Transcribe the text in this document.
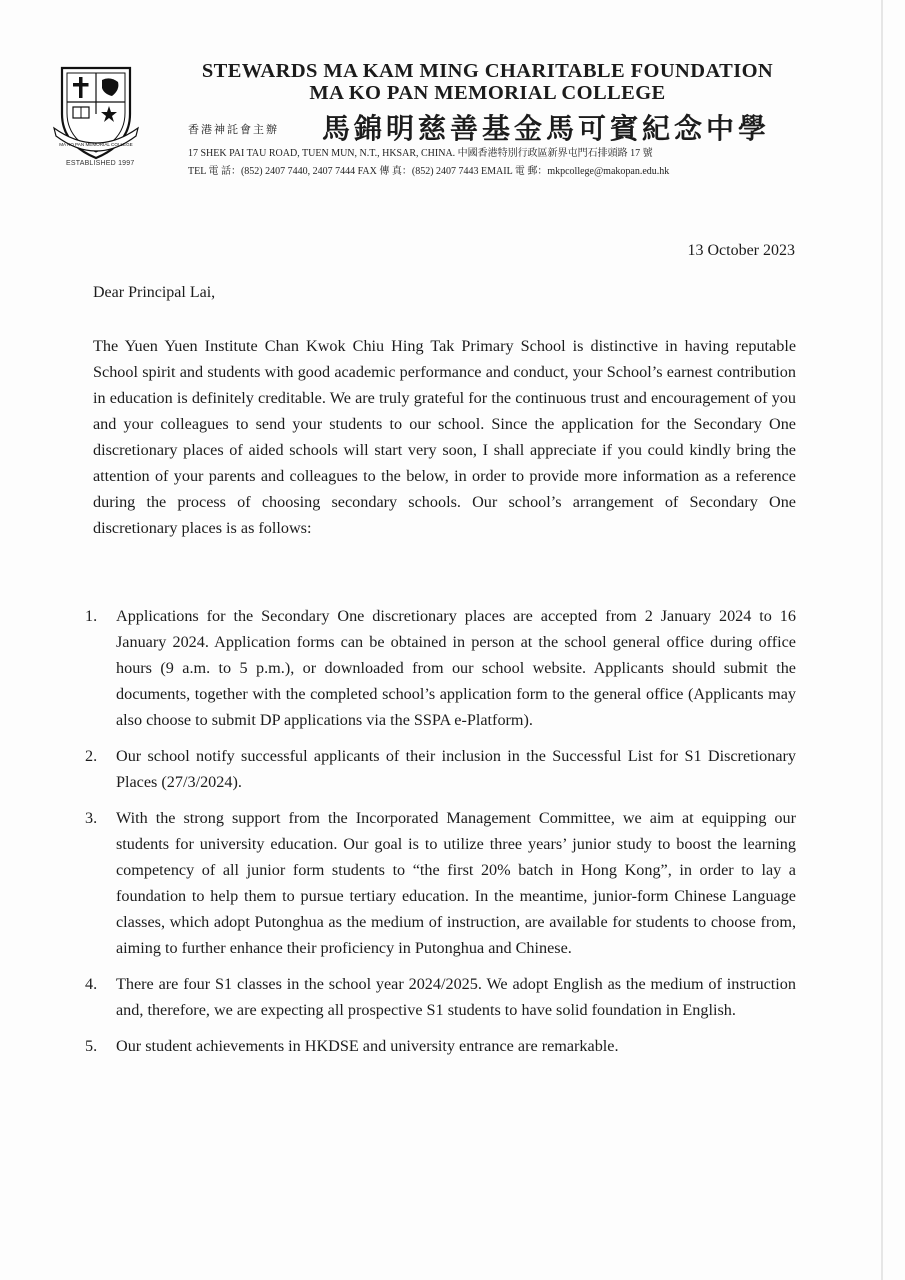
MA KO PAN MEMORIAL COLLEGE
ESTABLISHED 1997
STEWARDS MA KAM MING CHARITABLE FOUNDATION
MA KO PAN MEMORIAL COLLEGE
香港神託會主辦 馬錦明慈善基金馬可賓紀念中學
17 SHEK PAI TAU ROAD, TUEN MUN, N.T., HKSAR, CHINA. 中國香港特別行政區新界屯門石排頭路 17 號
TEL 電 話：(852) 2407 7440, 2407 7444 FAX 傳 真：(852) 2407 7443 EMAIL 電 郵：mkpcollege@makopan.edu.hk
13 October 2023
Dear Principal Lai,

The Yuen Yuen Institute Chan Kwok Chiu Hing Tak Primary School is distinctive in having reputable School spirit and students with good academic performance and conduct, your School’s earnest contribution in education is definitely creditable. We are truly grateful for the continuous trust and encouragement of you and your colleagues to send your students to our school. Since the application for the Secondary One discretionary places of aided schools will start very soon, I shall appreciate if you could kindly bring the attention of your parents and colleagues to the below, in order to provide more information as a reference during the process of choosing secondary schools. Our school’s arrangement of Secondary One discretionary places is as follows:

1. Applications for the Secondary One discretionary places are accepted from 2 January 2024 to 16 January 2024. Application forms can be obtained in person at the school general office during office hours (9 a.m. to 5 p.m.), or downloaded from our school website. Applicants should submit the documents, together with the completed school’s application form to the general office (Applicants may also choose to submit DP applications via the SSPA e-Platform).
2. Our school notify successful applicants of their inclusion in the Successful List for S1 Discretionary Places (27/3/2024).
3. With the strong support from the Incorporated Management Committee, we aim at equipping our students for university education. Our goal is to utilize three years’ junior study to boost the learning competency of all junior form students to “the first 20% batch in Hong Kong”, in order to lay a foundation to help them to pursue tertiary education. In the meantime, junior-form Chinese Language classes, which adopt Putonghua as the medium of instruction, are available for students to choose from, aiming to further enhance their proficiency in Putonghua and Chinese.
4. There are four S1 classes in the school year 2024/2025. We adopt English as the medium of instruction and, therefore, we are expecting all prospective S1 students to have solid foundation in English.
5. Our student achievements in HKDSE and university entrance are remarkable.
